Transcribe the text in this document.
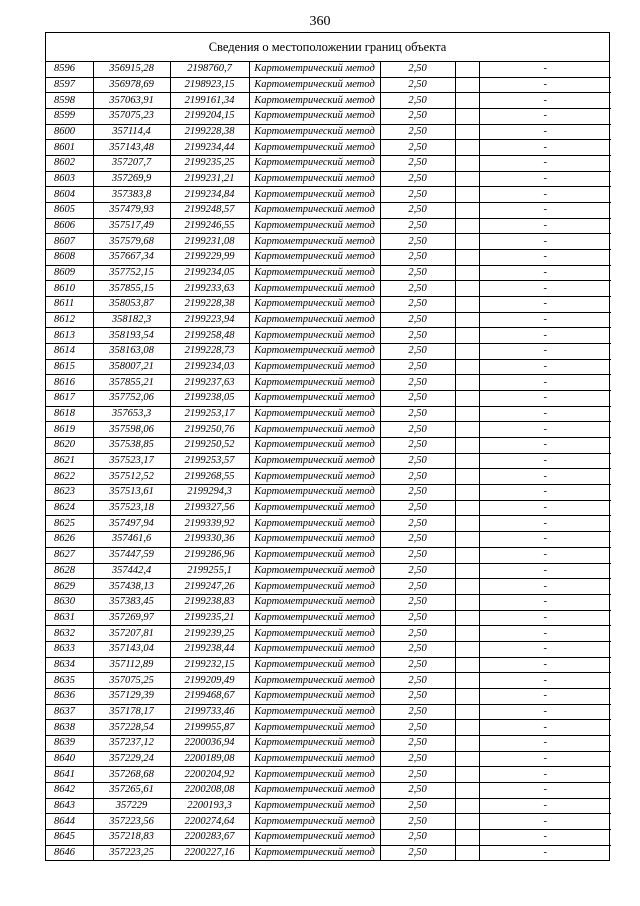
360
Сведения о местоположении границ объекта
8596	356915,28	2198760,7	Картометрический метод	2,50		-
8597	356978,69	2198923,15	Картометрический метод	2,50		-
8598	357063,91	2199161,34	Картометрический метод	2,50		-
8599	357075,23	2199204,15	Картометрический метод	2,50		-
8600	357114,4	2199228,38	Картометрический метод	2,50		-
8601	357143,48	2199234,44	Картометрический метод	2,50		-
8602	357207,7	2199235,25	Картометрический метод	2,50		-
8603	357269,9	2199231,21	Картометрический метод	2,50		-
8604	357383,8	2199234,84	Картометрический метод	2,50		-
8605	357479,93	2199248,57	Картометрический метод	2,50		-
8606	357517,49	2199246,55	Картометрический метод	2,50		-
8607	357579,68	2199231,08	Картометрический метод	2,50		-
8608	357667,34	2199229,99	Картометрический метод	2,50		-
8609	357752,15	2199234,05	Картометрический метод	2,50		-
8610	357855,15	2199233,63	Картометрический метод	2,50		-
8611	358053,87	2199228,38	Картометрический метод	2,50		-
8612	358182,3	2199223,94	Картометрический метод	2,50		-
8613	358193,54	2199258,48	Картометрический метод	2,50		-
8614	358163,08	2199228,73	Картометрический метод	2,50		-
8615	358007,21	2199234,03	Картометрический метод	2,50		-
8616	357855,21	2199237,63	Картометрический метод	2,50		-
8617	357752,06	2199238,05	Картометрический метод	2,50		-
8618	357653,3	2199253,17	Картометрический метод	2,50		-
8619	357598,06	2199250,76	Картометрический метод	2,50		-
8620	357538,85	2199250,52	Картометрический метод	2,50		-
8621	357523,17	2199253,57	Картометрический метод	2,50		-
8622	357512,52	2199268,55	Картометрический метод	2,50		-
8623	357513,61	2199294,3	Картометрический метод	2,50		-
8624	357523,18	2199327,56	Картометрический метод	2,50		-
8625	357497,94	2199339,92	Картометрический метод	2,50		-
8626	357461,6	2199330,36	Картометрический метод	2,50		-
8627	357447,59	2199286,96	Картометрический метод	2,50		-
8628	357442,4	2199255,1	Картометрический метод	2,50		-
8629	357438,13	2199247,26	Картометрический метод	2,50		-
8630	357383,45	2199238,83	Картометрический метод	2,50		-
8631	357269,97	2199235,21	Картометрический метод	2,50		-
8632	357207,81	2199239,25	Картометрический метод	2,50		-
8633	357143,04	2199238,44	Картометрический метод	2,50		-
8634	357112,89	2199232,15	Картометрический метод	2,50		-
8635	357075,25	2199209,49	Картометрический метод	2,50		-
8636	357129,39	2199468,67	Картометрический метод	2,50		-
8637	357178,17	2199733,46	Картометрический метод	2,50		-
8638	357228,54	2199955,87	Картометрический метод	2,50		-
8639	357237,12	2200036,94	Картометрический метод	2,50		-
8640	357229,24	2200189,08	Картометрический метод	2,50		-
8641	357268,68	2200204,92	Картометрический метод	2,50		-
8642	357265,61	2200208,08	Картометрический метод	2,50		-
8643	357229	2200193,3	Картометрический метод	2,50		-
8644	357223,56	2200274,64	Картометрический метод	2,50		-
8645	357218,83	2200283,67	Картометрический метод	2,50		-
8646	357223,25	2200227,16	Картометрический метод	2,50		-
